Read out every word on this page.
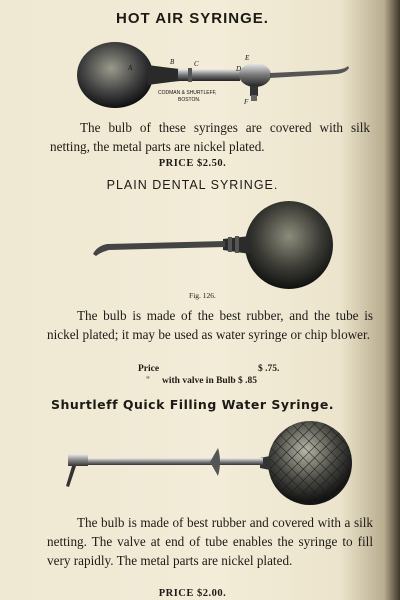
HOT AIR SYRINGE.
A
B	C
D
E
F
CODMAN & SHURTLEFF,
BOSTON.
The bulb of these syringes are covered with silk netting, the metal parts are nickel plated.
PRICE $2.50.
PLAIN DENTAL SYRINGE.
Fig. 126.
The bulb is made of the best rubber, and the tube is nickel plated; it may be used as water syringe or chip blower.
Price	$ .75.
" with valve in Bulb $ .85
Shurtleff Quick Filling Water Syringe.
The bulb is made of best rubber and covered with a silk netting. The valve at end of tube enables the syringe to fill very rapidly. The metal parts are nickel plated.
PRICE $2.00.
